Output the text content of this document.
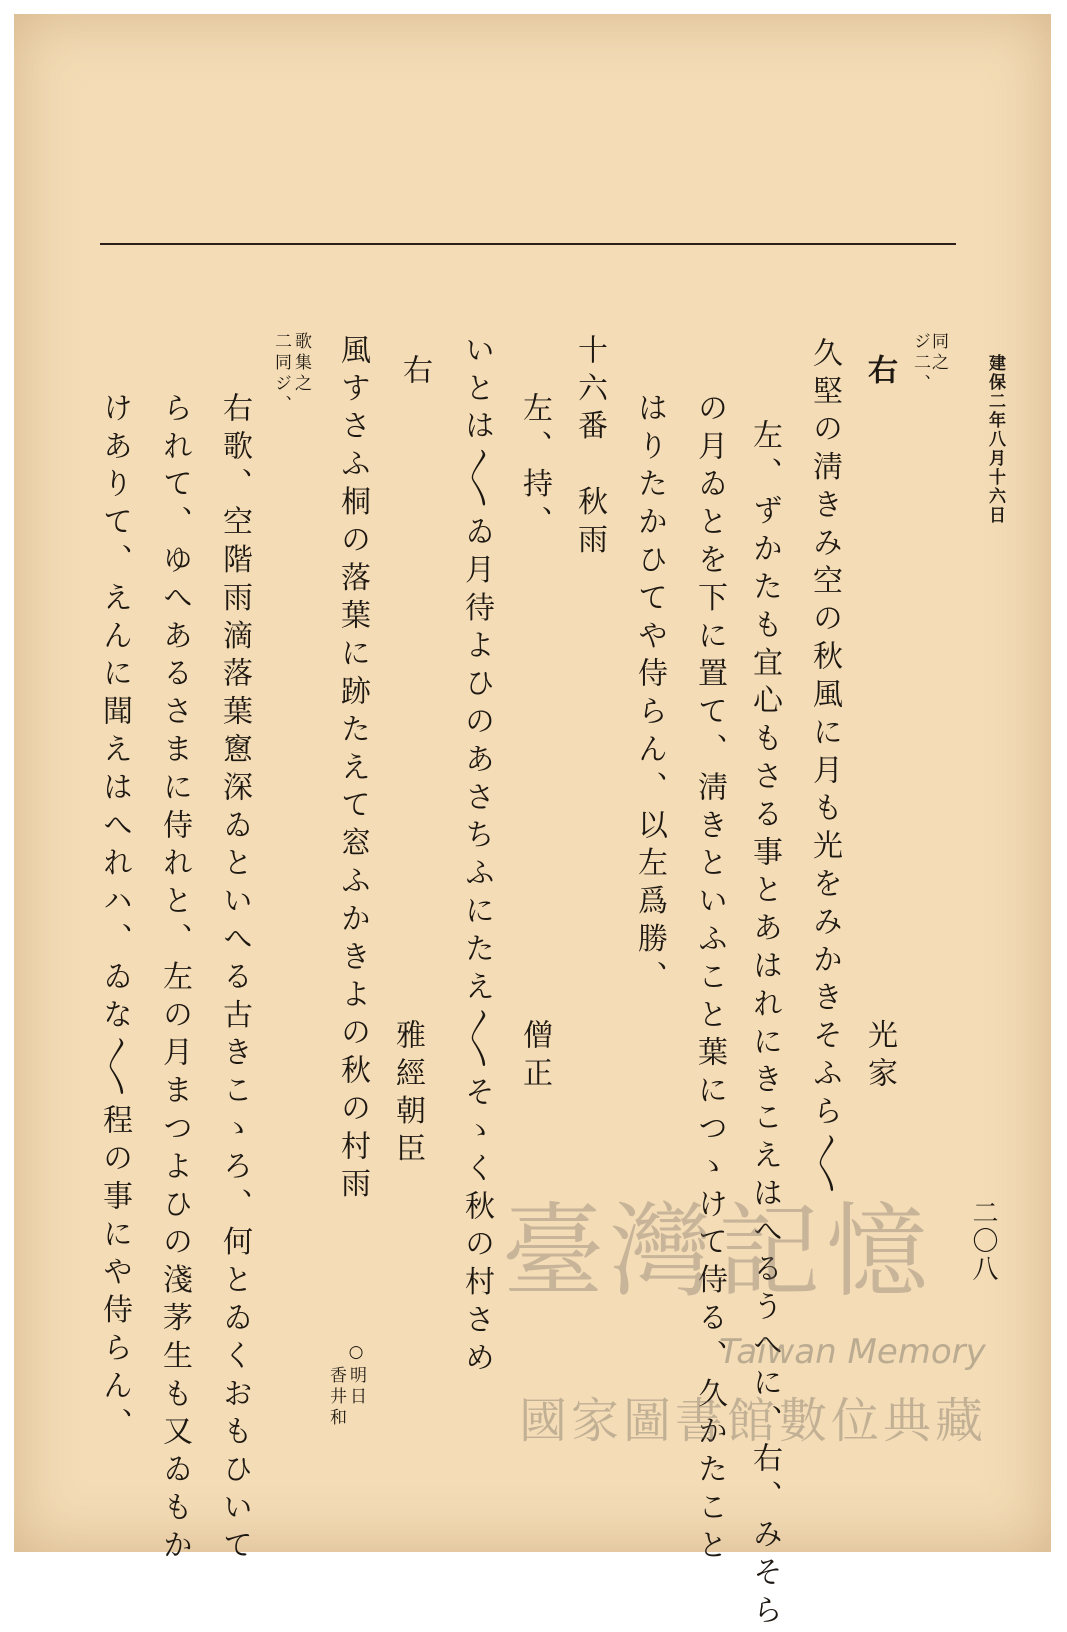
建保二年八月十六日
二〇八
同之
ジ二、
右
光家
久堅の淸きみ空の秋風に月も光をみかきそふら〳〵
左、ずかたも宜心もさる事とあはれにきこえはへるうへに、右、みそら
の月ゐとを下に置て、淸きといふこと葉につゝけて侍る、久かたこと
はりたかひてや侍らん、以左爲勝、
十六番　秋雨
左、持、
僧正
いとは〳〵ゐ月待よひのあさちふにたえ〳〵そゝく秋の村さめ
右
雅經朝臣
風すさふ桐の落葉に跡たえて窓ふかきよの秋の村雨
○明日
香井和
歌集之
二同ジ、
右歌、空階雨滴落葉窻深ゐといへる古きこゝろ、何とゐくおもひいて
られて、ゆへあるさまに侍れと、左の月まつよひの淺茅生も又ゐもか
けありて、えんに聞えはへれハ、ゐな〳〵程の事にや侍らん、	臺灣記憶
Taiwan Memory
國家圖書館數位典藏
